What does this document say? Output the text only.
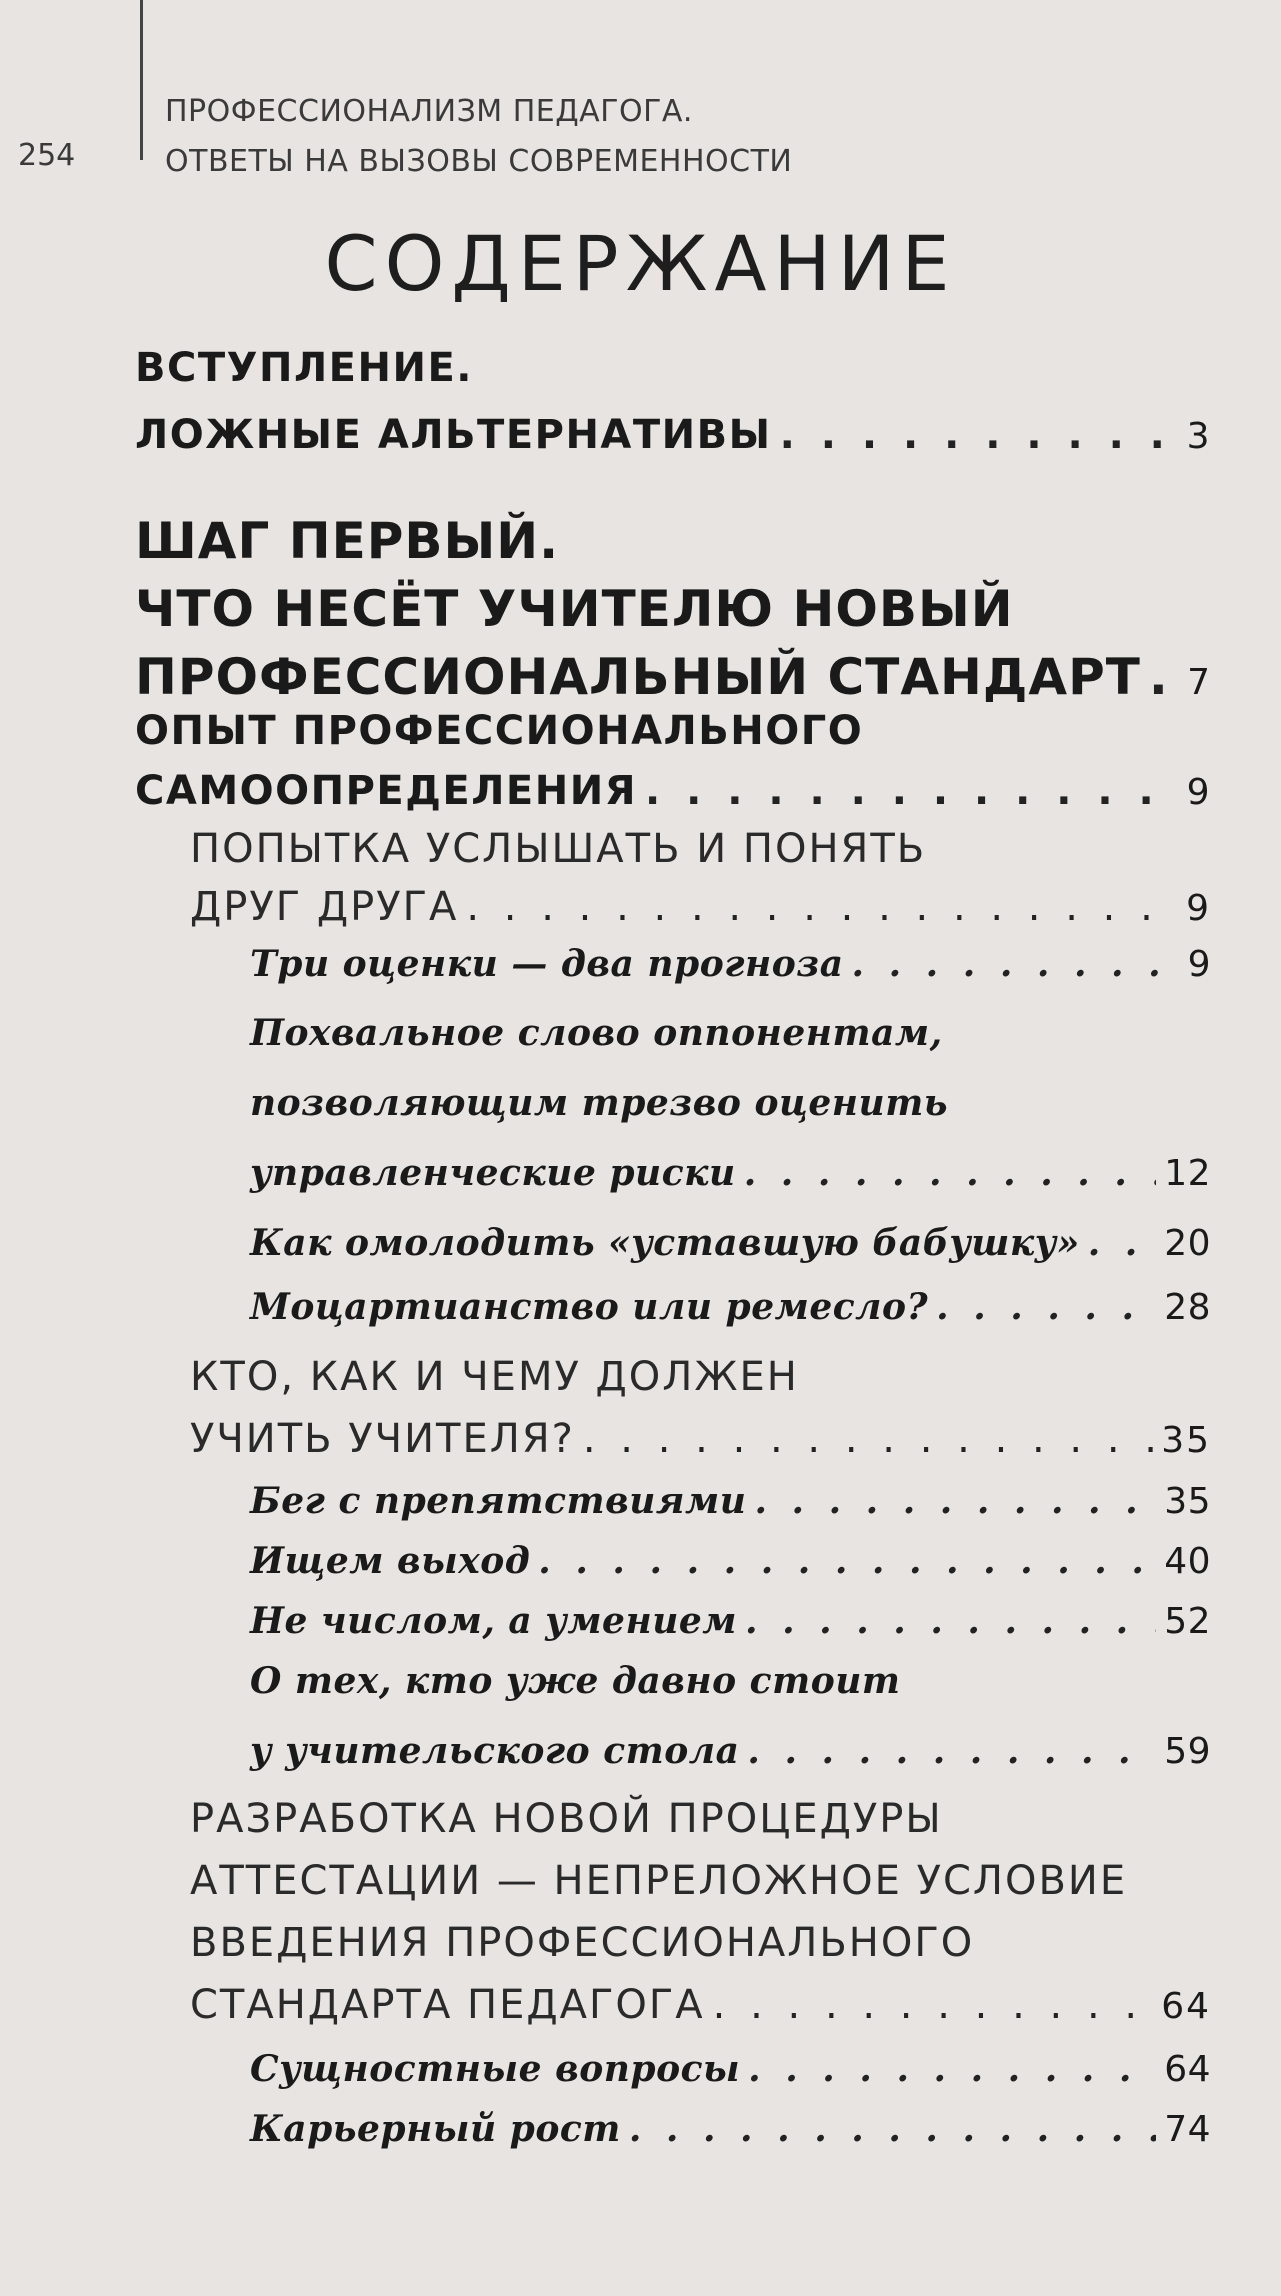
254
ПРОФЕССИОНАЛИЗМ ПЕДАГОГА.
ОТВЕТЫ НА ВЫЗОВЫ СОВРЕМЕННОСТИ
СОДЕРЖАНИЕ
ВСТУПЛЕНИЕ.
ЛОЖНЫЕ АЛЬТЕРНАТИВЫ . . .	3
ШАГ ПЕРВЫЙ.
ЧТО НЕСЁТ УЧИТЕЛЮ НОВЫЙ
ПРОФЕССИОНАЛЬНЫЙ СТАНДАРТ . . . 7
ОПЫТ ПРОФЕССИОНАЛЬНОГО
САМООПРЕДЕЛЕНИЯ . . .	9
ПОПЫТКА УСЛЫШАТЬ И ПОНЯТЬ
ДРУГ ДРУГА . . .	9
Три оценки — два прогноза . . .	9
Похвальное слово оппонентам,
позволяющим трезво оценить
управленческие риски . . .	12
Как омолодить «уставшую бабушку» . . . 20
Моцартианство или ремесло? . . .	28
КТО, КАК И ЧЕМУ ДОЛЖЕН
УЧИТЬ УЧИТЕЛЯ? . . .	35
Бег с препятствиями . . .	35
Ищем выход . . .	40
Не числом, а умением . . .	52
О тех, кто уже давно стоит
у учительского стола . . .	59
РАЗРАБОТКА НОВОЙ ПРОЦЕДУРЫ
АТТЕСТАЦИИ — НЕПРЕЛОЖНОЕ УСЛОВИЕ
ВВЕДЕНИЯ ПРОФЕССИОНАЛЬНОГО
СТАНДАРТА ПЕДАГОГА . . .	64
Сущностные вопросы . . .	64
Карьерный рост . . .	74
